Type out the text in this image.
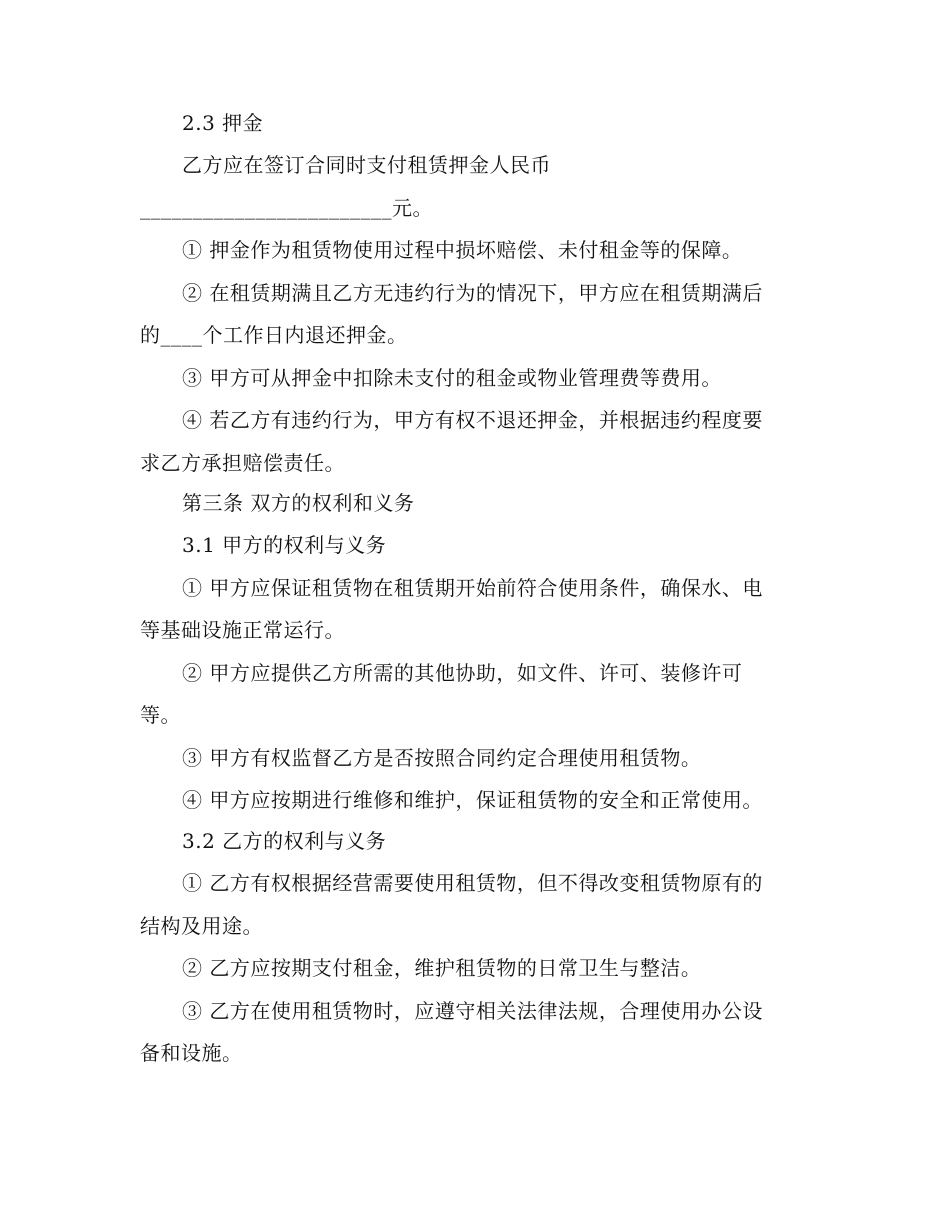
2.3 押金
乙方应在签订合同时支付租赁押金人民币
________________________元。
① 押金作为租赁物使用过程中损坏赔偿、未付租金等的保障。
② 在租赁期满且乙方无违约行为的情况下，甲方应在租赁期满后
的____个工作日内退还押金。
③ 甲方可从押金中扣除未支付的租金或物业管理费等费用。
④ 若乙方有违约行为，甲方有权不退还押金，并根据违约程度要
求乙方承担赔偿责任。
第三条 双方的权利和义务
3.1 甲方的权利与义务
① 甲方应保证租赁物在租赁期开始前符合使用条件，确保水、电
等基础设施正常运行。
② 甲方应提供乙方所需的其他协助，如文件、许可、装修许可
等。
③ 甲方有权监督乙方是否按照合同约定合理使用租赁物。
④ 甲方应按期进行维修和维护，保证租赁物的安全和正常使用。
3.2 乙方的权利与义务
① 乙方有权根据经营需要使用租赁物，但不得改变租赁物原有的
结构及用途。
② 乙方应按期支付租金，维护租赁物的日常卫生与整洁。
③ 乙方在使用租赁物时，应遵守相关法律法规，合理使用办公设
备和设施。
